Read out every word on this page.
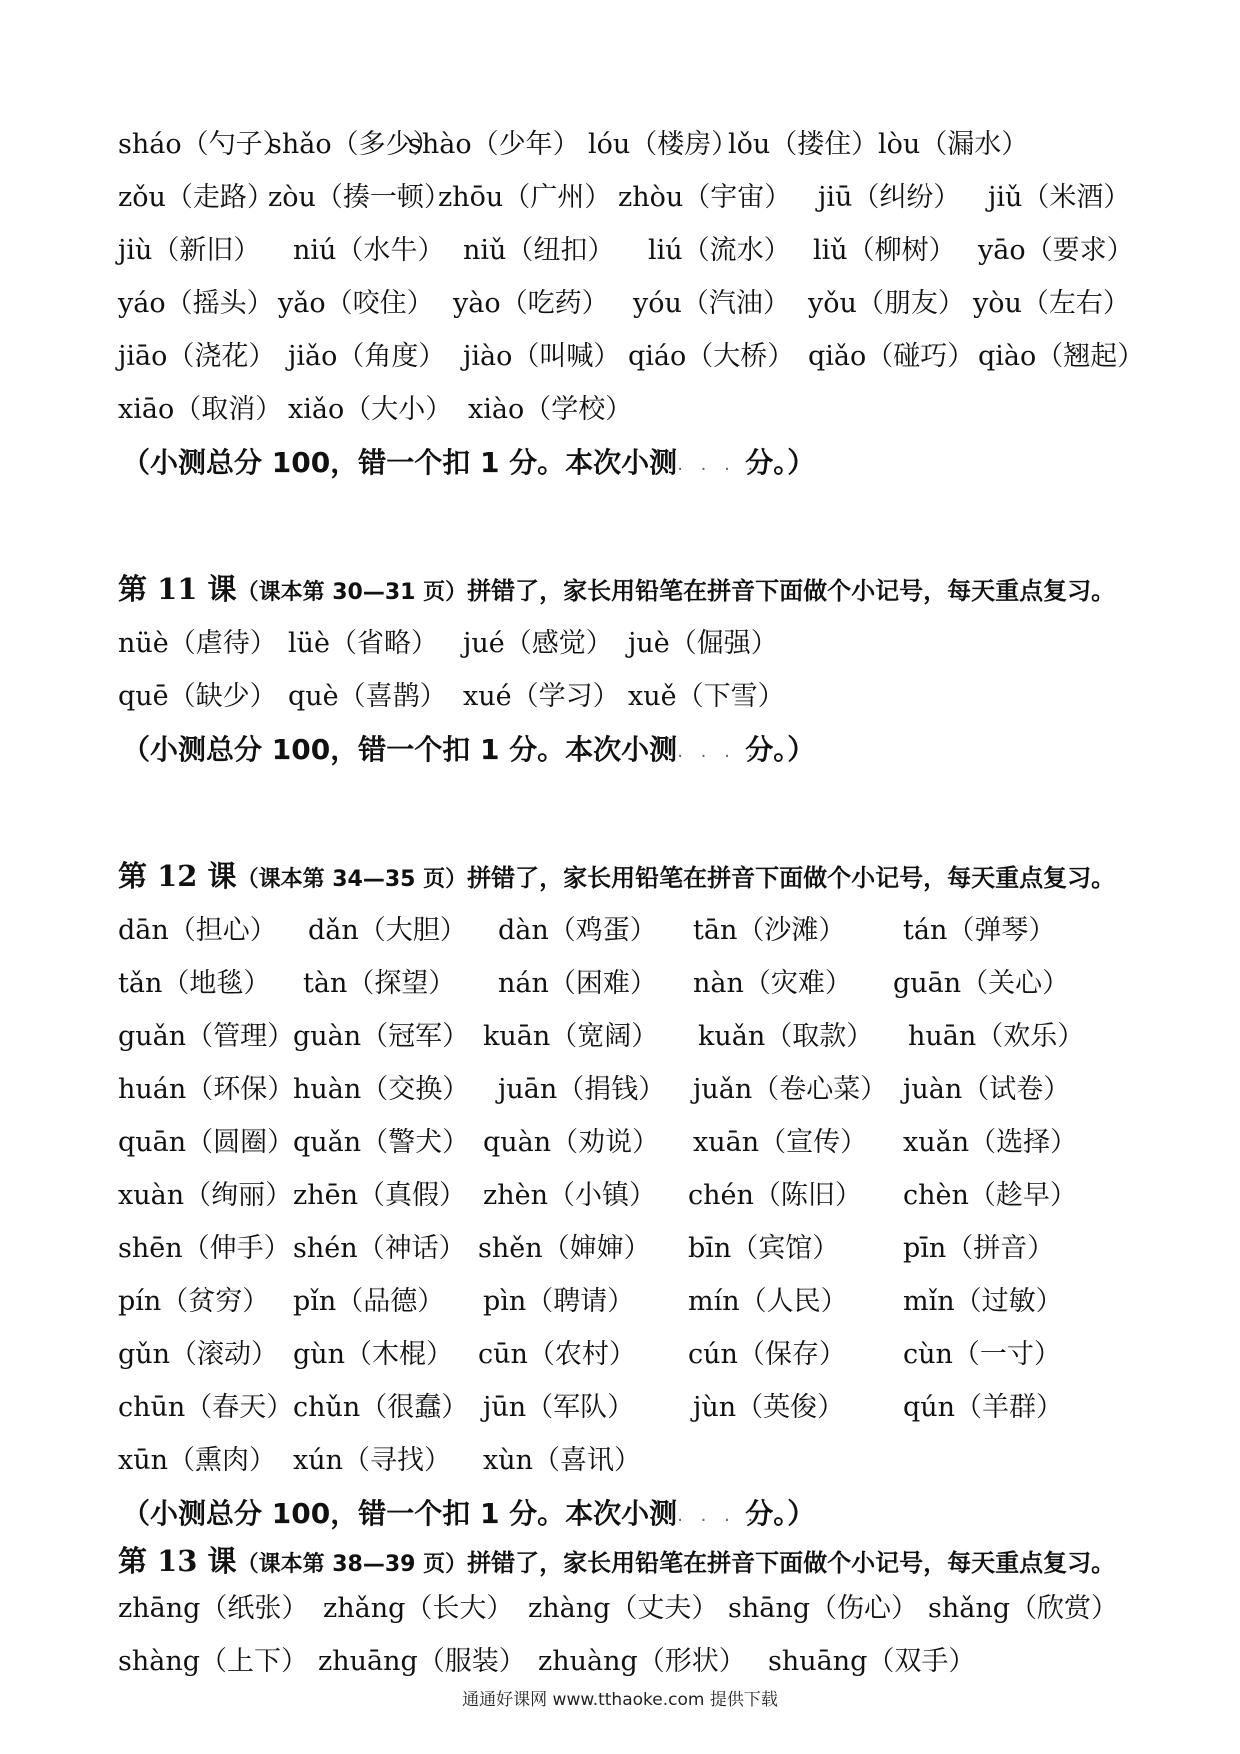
sháo（勺子）
shǎo（多少）
shào（少年） lóu（楼房）
lǒu（搂住） lòu（漏水）
zǒu（走路）
zòu（揍一顿）
zhōu（广州） zhòu（宇宙） jiū（纠纷） jiǔ（米酒）
jiù（新旧） niú（水牛） niǔ（纽扣） liú（流水） liǔ（柳树） yāo（要求）
yáo（摇头） yǎo（咬住） yào（吃药） yóu（汽油） yǒu（朋友） yòu（左右）
jiāo（浇花） jiǎo（角度） jiào（叫喊） qiáo（大桥） qiǎo（碰巧） qiào（翘起）
xiāo（取消） xiǎo（大小） xiào（学校）
（小测总分 100，错一个扣 1 分。本次小测. . . .分。）
第 11 课（课本第 30—31 页）拼错了，家长用铅笔在拼音下面做个小记号，每天重点复习。
nüè（虐待） lüè（省略） jué（感觉） juè（倔强）
quē（缺少） què（喜鹊） xué（学习） xuě（下雪）
（小测总分 100，错一个扣 1 分。本次小测. . . .分。）
第 12 课（课本第 34—35 页）拼错了，家长用铅笔在拼音下面做个小记号，每天重点复习。
dān（担心） dǎn（大胆） dàn（鸡蛋） tān（沙滩） tán（弹琴）
tǎn（地毯） tàn（探望） nán（困难） nàn（灾难） guān（关心）
guǎn（管理）
guàn（冠军） kuān（宽阔） kuǎn（取款） huān（欢乐）
huán（环保）
huàn（交换） juān（捐钱） juǎn（卷心菜） juàn（试卷）
quān（圆圈）
quǎn（警犬） quàn（劝说） xuān（宣传） xuǎn（选择）
xuàn（绚丽） zhēn（真假） zhèn（小镇） chén（陈旧） chèn（趁早）
shēn（伸手） shén（神话） shěn（婶婶） bīn（宾馆） pīn（拼音）
pín（贫穷） pǐn（品德） pìn（聘请） mín（人民） mǐn（过敏）
gǔn（滚动） gùn（木棍） cūn（农村） cún（保存） cùn（一寸）
chūn（春天） chǔn（很蠢） jūn（军队） jùn（英俊） qún（羊群）
xūn（熏肉） xún（寻找） xùn（喜讯）
（小测总分 100，错一个扣 1 分。本次小测. . . .分。）
第 13 课（课本第 38—39 页）拼错了，家长用铅笔在拼音下面做个小记号，每天重点复习。
zhāng（纸张） zhǎng（长大） zhàng（丈夫） shāng（伤心） shǎng（欣赏）
shàng（上下） zhuāng（服装） zhuàng（形状） shuāng（双手）
通通好课网 www.tthaoke.com 提供下载
